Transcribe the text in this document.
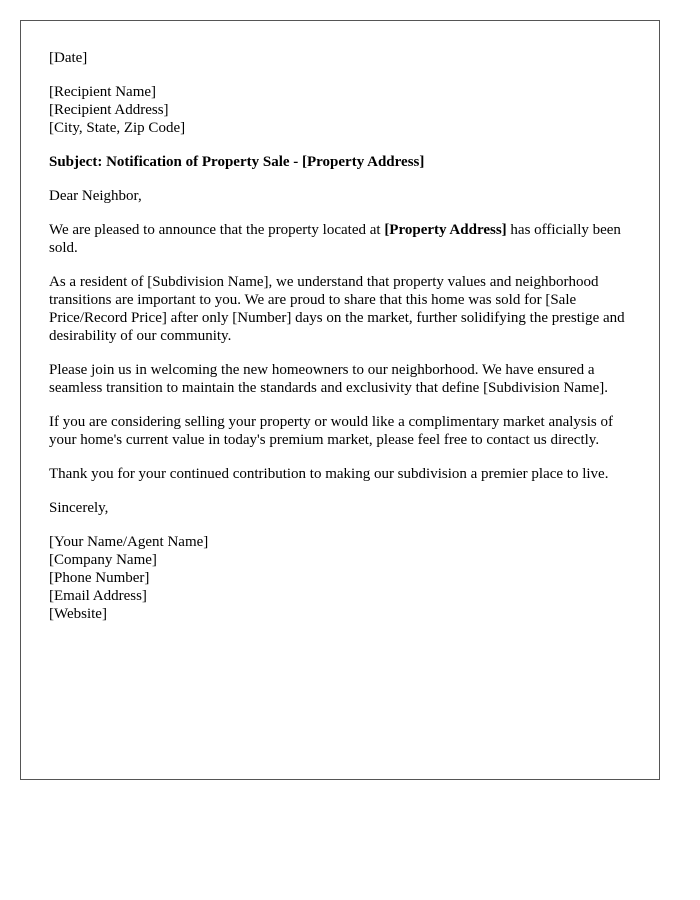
[Date]
[Recipient Name]
[Recipient Address]
[City, State, Zip Code]

Subject: Notification of Property Sale - [Property Address]

Dear Neighbor,

We are pleased to announce that the property located at [Property Address] has officially been sold.

As a resident of [Subdivision Name], we understand that property values and neighborhood transitions are important to you. We are proud to share that this home was sold for [Sale Price/Record Price] after only [Number] days on the market, further solidifying the prestige and desirability of our community.

Please join us in welcoming the new homeowners to our neighborhood. We have ensured a seamless transition to maintain the standards and exclusivity that define [Subdivision Name].

If you are considering selling your property or would like a complimentary market analysis of your home's current value in today's premium market, please feel free to contact us directly.

Thank you for your continued contribution to making our subdivision a premier place to live.

Sincerely,

[Your Name/Agent Name]
[Company Name]
[Phone Number]
[Email Address]
[Website]
